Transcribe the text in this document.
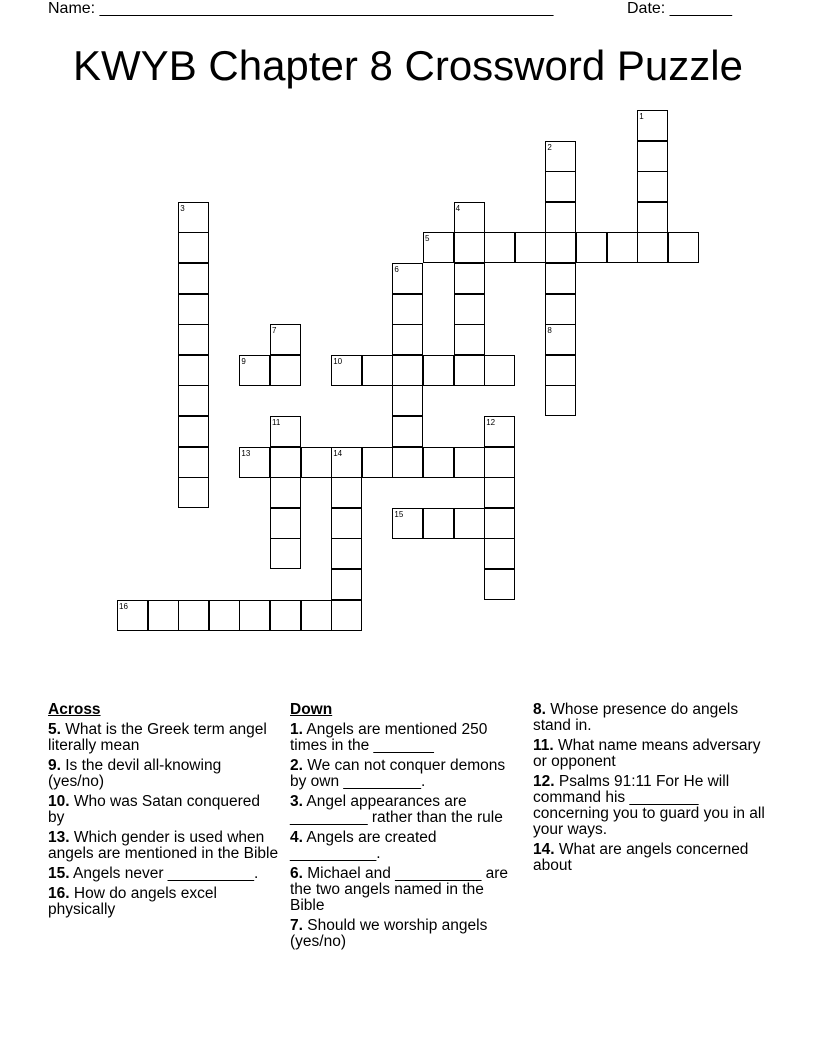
Name: ___________________________________________________	Date: _______
KWYB Chapter 8 Crossword Puzzle
1
2
3	4
5
6
7	8
9	10
11	12
13	14
15
16
Across
5. What is the Greek term angel literally mean
9. Is the devil all-knowing (yes/no)
10. Who was Satan conquered by
13. Which gender is used when angels are mentioned in the Bible
15. Angels never __________.
16. How do angels excel physically
Down
1. Angels are mentioned 250 times in the _______
2. We can not conquer demons by own _________.
3. Angel appearances are _________ rather than the rule
4. Angels are created __________.
6. Michael and __________ are the two angels named in the Bible
7. Should we worship angels (yes/no)
8. Whose presence do angels stand in.
11. What name means adversary or opponent
12. Psalms 91:11 For He will command his ________ concerning you to guard you in all your ways.
14. What are angels concerned about
